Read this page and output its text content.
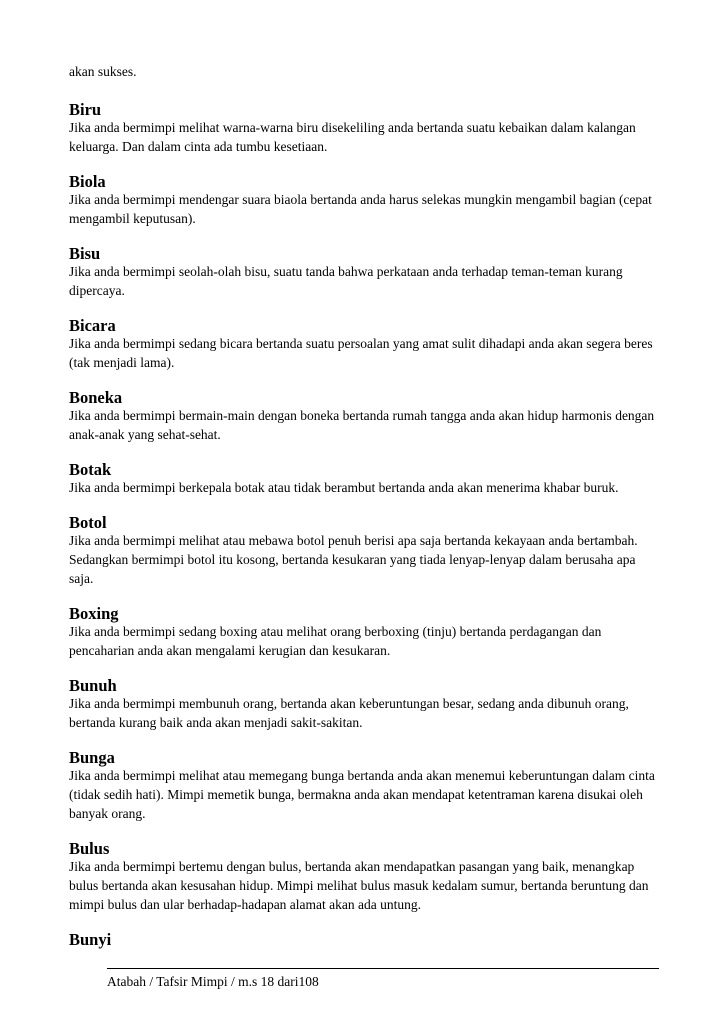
akan sukses.

Biru

Jika anda bermimpi melihat warna-warna biru disekeliling anda bertanda suatu kebaikan dalam kalangan keluarga. Dan dalam cinta ada tumbu kesetiaan.

Biola

Jika anda bermimpi mendengar suara biaola bertanda anda harus selekas mungkin mengambil bagian (cepat mengambil keputusan).

Bisu

Jika anda bermimpi seolah-olah bisu, suatu tanda bahwa perkataan anda terhadap teman-teman kurang dipercaya.

Bicara

Jika anda bermimpi sedang bicara bertanda suatu persoalan yang amat sulit dihadapi anda akan segera beres (tak menjadi lama).

Boneka

Jika anda bermimpi bermain-main dengan boneka bertanda rumah tangga anda akan hidup harmonis dengan anak-anak yang sehat-sehat.

Botak

Jika anda bermimpi berkepala botak atau tidak berambut bertanda anda akan menerima khabar buruk.

Botol

Jika anda bermimpi melihat atau mebawa botol penuh berisi apa saja bertanda kekayaan anda bertambah. Sedangkan bermimpi botol itu kosong, bertanda kesukaran yang tiada lenyap-lenyap dalam berusaha apa saja.

Boxing

Jika anda bermimpi sedang boxing atau melihat orang berboxing (tinju) bertanda perdagangan dan pencaharian anda akan mengalami kerugian dan kesukaran.

Bunuh

Jika anda bermimpi membunuh orang, bertanda akan keberuntungan besar, sedang anda dibunuh orang, bertanda kurang baik anda akan menjadi sakit-sakitan.

Bunga

Jika anda bermimpi melihat atau memegang bunga bertanda anda akan menemui keberuntungan dalam cinta (tidak sedih hati). Mimpi memetik bunga, bermakna anda akan mendapat ketentraman karena disukai oleh banyak orang.

Bulus

Jika anda bermimpi bertemu dengan bulus, bertanda akan mendapatkan pasangan yang baik, menangkap bulus bertanda akan kesusahan hidup. Mimpi melihat bulus masuk kedalam sumur, bertanda beruntung dan mimpi bulus dan ular berhadap-hadapan alamat akan ada untung.

Bunyi

Atabah / Tafsir Mimpi / m.s 18 dari108
